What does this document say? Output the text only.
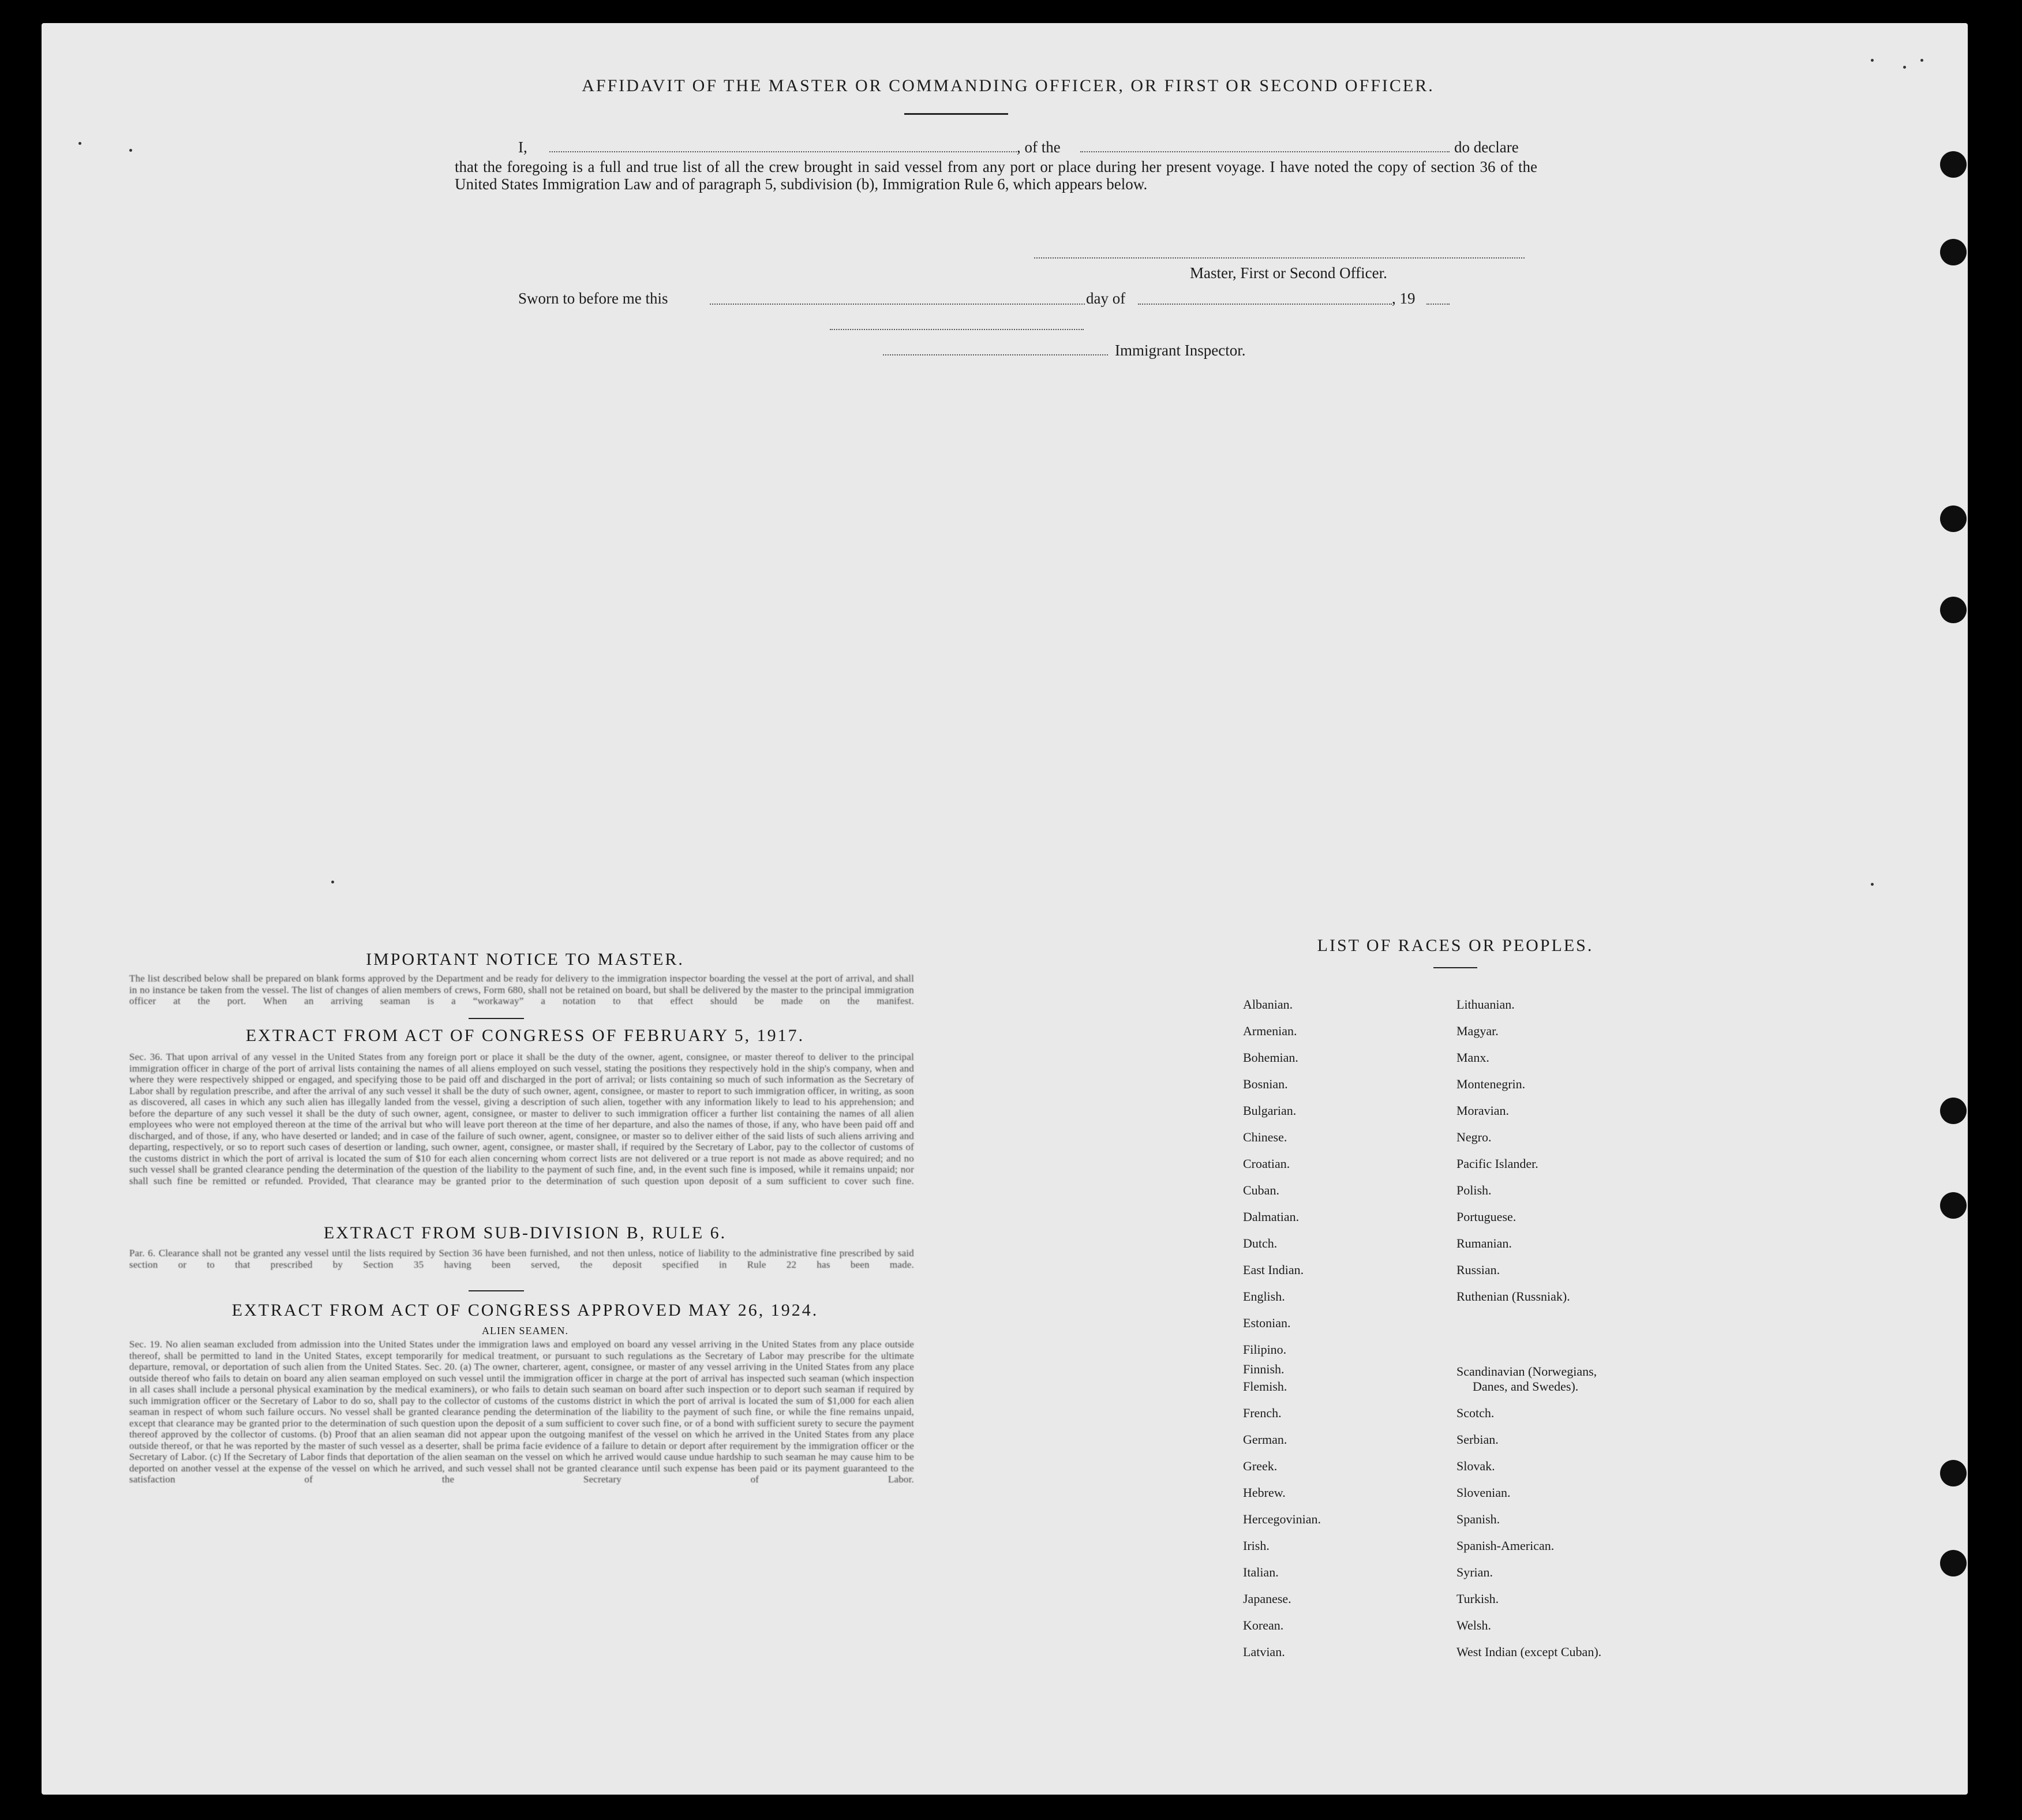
AFFIDAVIT OF THE MASTER OR COMMANDING OFFICER, OR FIRST OR SECOND OFFICER.
I,	, of the	do declare
that the foregoing is a full and true list of all the crew brought in said vessel from any port or place during her present voyage. I have noted the copy of section 36 of the United States Immigration Law and of paragraph 5, subdivision (b), Immigration Rule 6, which appears below.
Master, First or Second Officer.
Sworn to before me this	day of	, 19
Immigrant Inspector.
IMPORTANT NOTICE TO MASTER.
The list described below shall be prepared on blank forms approved by the Department and be ready for delivery to the immigration inspector boarding the vessel at the port of arrival, and shall in no instance be taken from the vessel. The list of changes of alien members of crews, Form 680, shall not be retained on board, but shall be delivered by the master to the principal immigration officer at the port. When an arriving seaman is a “workaway” a notation to that effect should be made on the manifest.
EXTRACT FROM ACT OF CONGRESS OF FEBRUARY 5, 1917.
Sec. 36. That upon arrival of any vessel in the United States from any foreign port or place it shall be the duty of the owner, agent, consignee, or master thereof to deliver to the principal immigration officer in charge of the port of arrival lists containing the names of all aliens employed on such vessel, stating the positions they respectively hold in the ship's company, when and where they were respectively shipped or engaged, and specifying those to be paid off and discharged in the port of arrival; or lists containing so much of such information as the Secretary of Labor shall by regulation prescribe, and after the arrival of any such vessel it shall be the duty of such owner, agent, consignee, or master to report to such immigration officer, in writing, as soon as discovered, all cases in which any such alien has illegally landed from the vessel, giving a description of such alien, together with any information likely to lead to his apprehension; and before the departure of any such vessel it shall be the duty of such owner, agent, consignee, or master to deliver to such immigration officer a further list containing the names of all alien employees who were not employed thereon at the time of the arrival but who will leave port thereon at the time of her departure, and also the names of those, if any, who have been paid off and discharged, and of those, if any, who have deserted or landed; and in case of the failure of such owner, agent, consignee, or master so to deliver either of the said lists of such aliens arriving and departing, respectively, or so to report such cases of desertion or landing, such owner, agent, consignee, or master shall, if required by the Secretary of Labor, pay to the collector of customs of the customs district in which the port of arrival is located the sum of $10 for each alien concerning whom correct lists are not delivered or a true report is not made as above required; and no such vessel shall be granted clearance pending the determination of the question of the liability to the payment of such fine, and, in the event such fine is imposed, while it remains unpaid; nor shall such fine be remitted or refunded. Provided, That clearance may be granted prior to the determination of such question upon deposit of a sum sufficient to cover such fine.
EXTRACT FROM SUB-DIVISION B, RULE 6.
Par. 6. Clearance shall not be granted any vessel until the lists required by Section 36 have been furnished, and not then unless, notice of liability to the administrative fine prescribed by said section or to that prescribed by Section 35 having been served, the deposit specified in Rule 22 has been made.
EXTRACT FROM ACT OF CONGRESS APPROVED MAY 26, 1924.
ALIEN SEAMEN.
Sec. 19. No alien seaman excluded from admission into the United States under the immigration laws and employed on board any vessel arriving in the United States from any place outside thereof, shall be permitted to land in the United States, except temporarily for medical treatment, or pursuant to such regulations as the Secretary of Labor may prescribe for the ultimate departure, removal, or deportation of such alien from the United States. Sec. 20. (a) The owner, charterer, agent, consignee, or master of any vessel arriving in the United States from any place outside thereof who fails to detain on board any alien seaman employed on such vessel until the immigration officer in charge at the port of arrival has inspected such seaman (which inspection in all cases shall include a personal physical examination by the medical examiners), or who fails to detain such seaman on board after such inspection or to deport such seaman if required by such immigration officer or the Secretary of Labor to do so, shall pay to the collector of customs of the customs district in which the port of arrival is located the sum of $1,000 for each alien seaman in respect of whom such failure occurs. No vessel shall be granted clearance pending the determination of the liability to the payment of such fine, or while the fine remains unpaid, except that clearance may be granted prior to the determination of such question upon the deposit of a sum sufficient to cover such fine, or of a bond with sufficient surety to secure the payment thereof approved by the collector of customs. (b) Proof that an alien seaman did not appear upon the outgoing manifest of the vessel on which he arrived in the United States from any place outside thereof, or that he was reported by the master of such vessel as a deserter, shall be prima facie evidence of a failure to detain or deport after requirement by the immigration officer or the Secretary of Labor. (c) If the Secretary of Labor finds that deportation of the alien seaman on the vessel on which he arrived would cause undue hardship to such seaman he may cause him to be deported on another vessel at the expense of the vessel on which he arrived, and such vessel shall not be granted clearance until such expense has been paid or its payment guaranteed to the satisfaction of the Secretary of Labor.
LIST OF RACES OR PEOPLES.
Albanian.
Armenian.
Bohemian.
Bosnian.
Bulgarian.
Chinese.
Croatian.
Cuban.
Dalmatian.
Dutch.
East Indian.
English.
Estonian.
Filipino.
Finnish.
Flemish.
French.
German.
Greek.
Hebrew.
Hercegovinian.
Irish.
Italian.
Japanese.
Korean.
Latvian.
Lithuanian.
Magyar.
Manx.
Montenegrin.
Moravian.
Negro.
Pacific Islander.
Polish.
Portuguese.
Rumanian.
Russian.
Ruthenian (Russniak).
Scandinavian (Norwegians,
Danes, and Swedes).
Scotch.
Serbian.
Slovak.
Slovenian.
Spanish.
Spanish-American.
Syrian.
Turkish.
Welsh.
West Indian (except Cuban).
